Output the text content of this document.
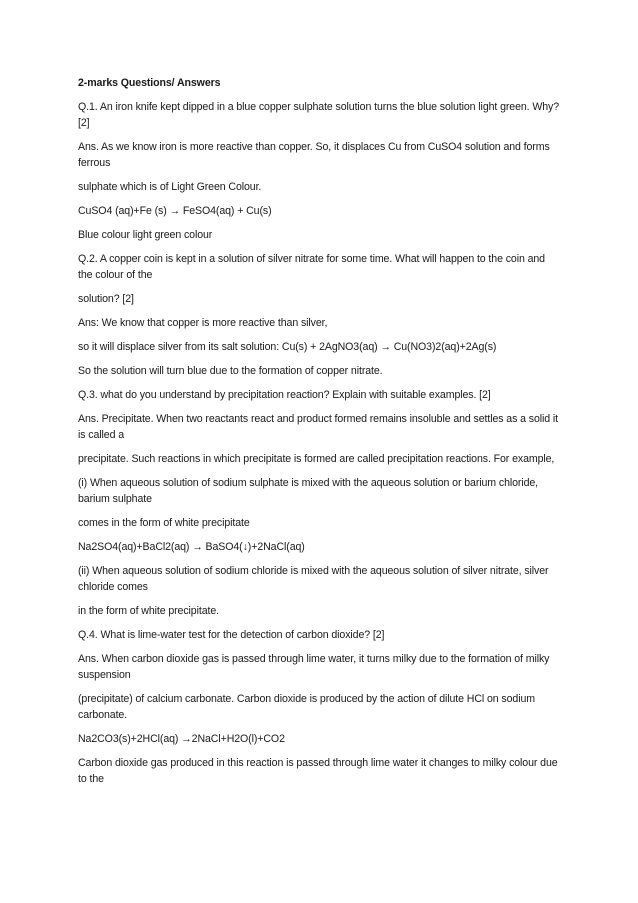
2-marks Questions/ Answers

Q.1. An iron knife kept dipped in a blue copper sulphate solution turns the blue solution light green. Why? [2]

Ans. As we know iron is more reactive than copper. So, it displaces Cu from CuSO4 solution and forms ferrous

sulphate which is of Light Green Colour.

CuSO4 (aq)+Fe (s) → FeSO4(aq) + Cu(s)

Blue colour light green colour

Q.2. A copper coin is kept in a solution of silver nitrate for some time. What will happen to the coin and the colour of the

solution? [2]

Ans: We know that copper is more reactive than silver,

so it will displace silver from its salt solution: Cu(s) + 2AgNO3(aq) → Cu(NO3)2(aq)+2Ag(s)

So the solution will turn blue due to the formation of copper nitrate.

Q.3. what do you understand by precipitation reaction? Explain with suitable examples. [2]

Ans. Precipitate. When two reactants react and product formed remains insoluble and settles as a solid it is called a

precipitate. Such reactions in which precipitate is formed are called precipitation reactions. For example,

(i) When aqueous solution of sodium sulphate is mixed with the aqueous solution or barium chloride, barium sulphate

comes in the form of white precipitate

Na2SO4(aq)+BaCl2(aq) → BaSO4(↓)+2NaCl(aq)

(ii) When aqueous solution of sodium chloride is mixed with the aqueous solution of silver nitrate, silver chloride comes

in the form of white precipitate.

Q.4. What is lime-water test for the detection of carbon dioxide? [2]

Ans. When carbon dioxide gas is passed through lime water, it turns milky due to the formation of milky suspension

(precipitate) of calcium carbonate. Carbon dioxide is produced by the action of dilute HCl on sodium carbonate.

Na2CO3(s)+2HCl(aq) →2NaCl+H2O(l)+CO2

Carbon dioxide gas produced in this reaction is passed through lime water it changes to milky colour due to the
